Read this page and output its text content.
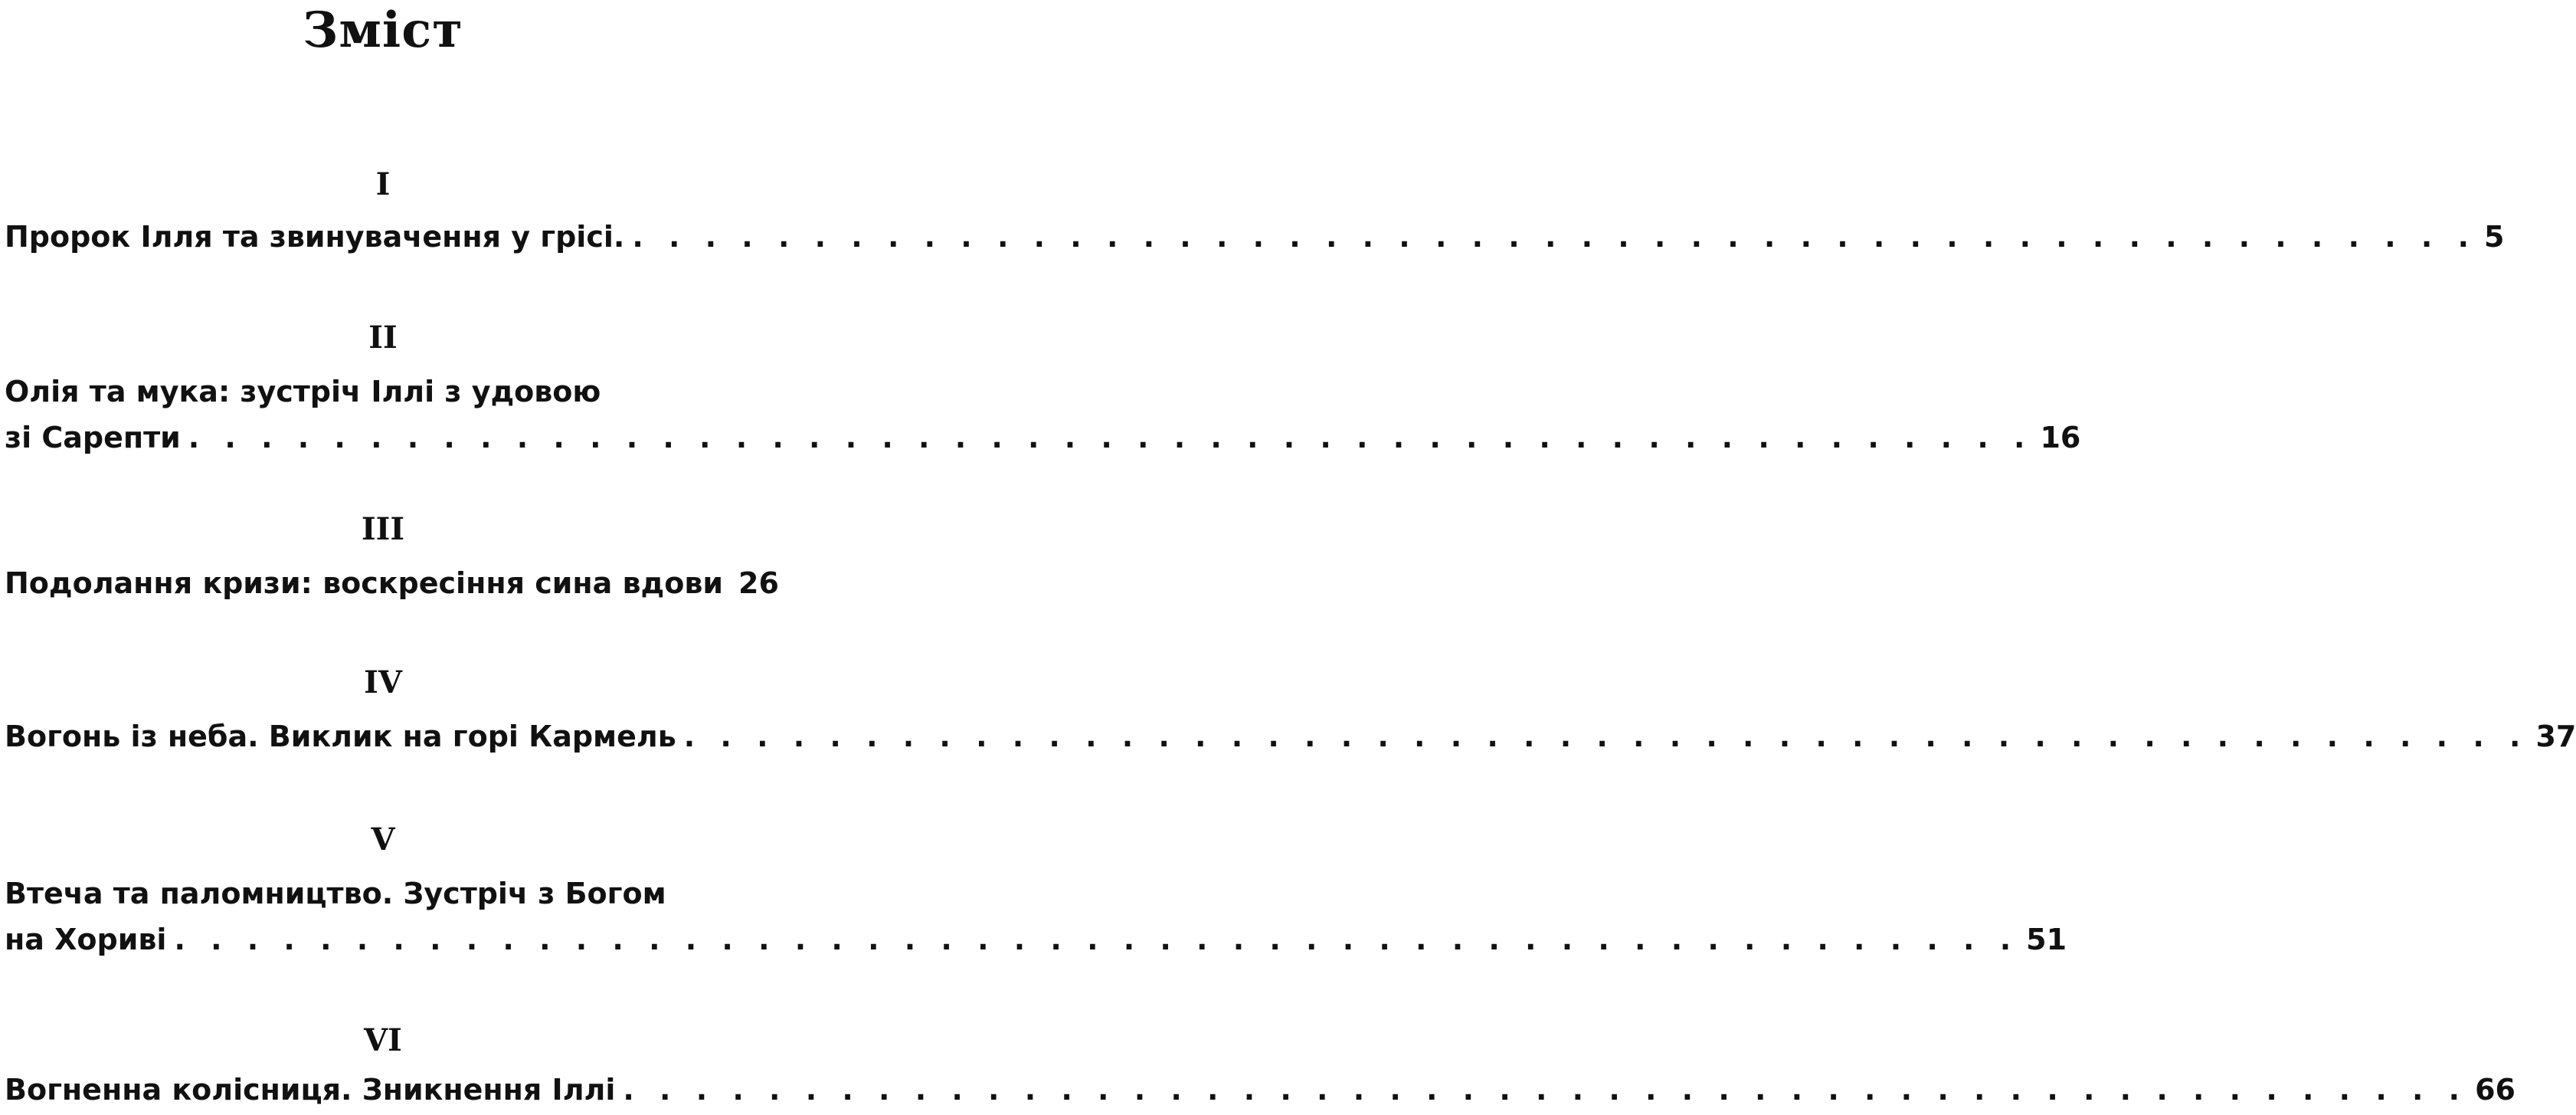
Зміст
I
Пророк Ілля та звинувачення у грісі. . . .	5
II
Олія та мука: зустріч Іллі з удовою
зі Сарепти . . .	16
III
Подолання кризи: воскресіння сина вдови 26
IV
Вогонь із неба. Виклик на горі Кармель . . .	37
V
Втеча та паломництво. Зустріч з Богом
на Хориві . . .	51
VI
Вогненна колісниця. Зникнення Іллі . . .	66
